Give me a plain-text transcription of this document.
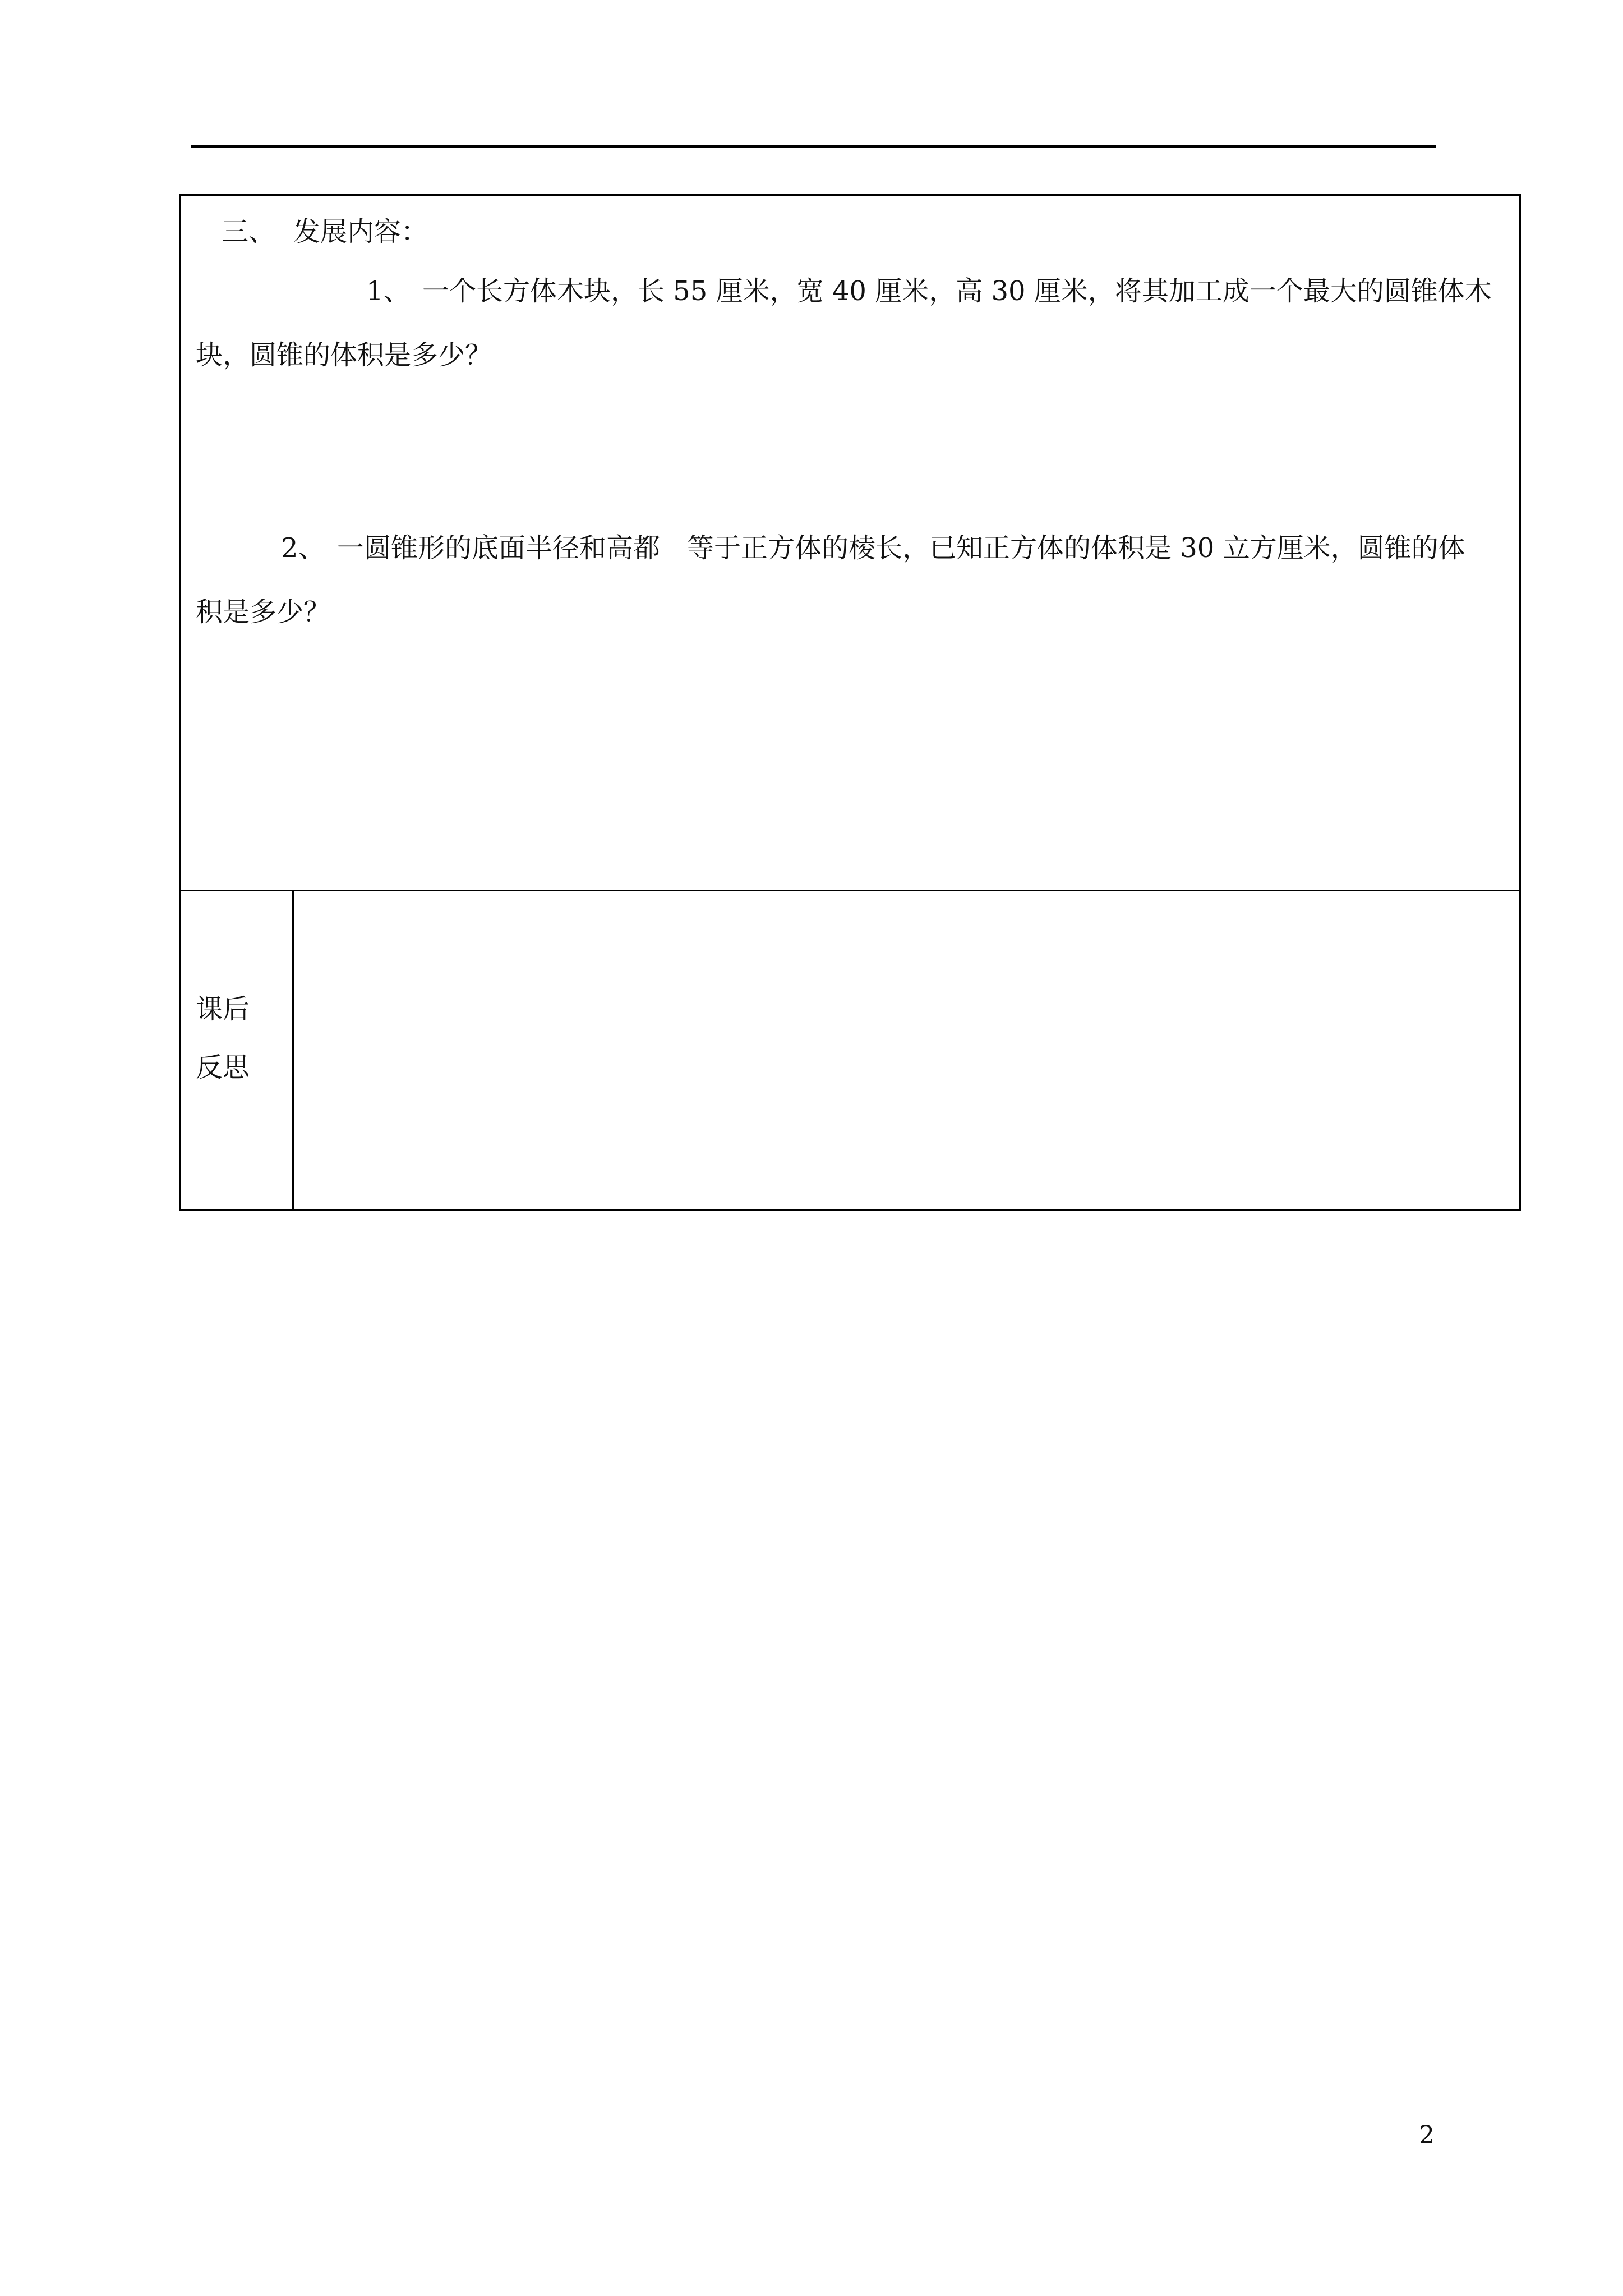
三、 发展内容：
1、 一个长方体木块，长 55 厘米，宽 40 厘米，高 30 厘米，将其加工成一个最大的圆锥体木
块，圆锥的体积是多少？
2、 一圆锥形的底面半径和高都　等于正方体的棱长，已知正方体的体积是 30 立方厘米，圆锥的体
积是多少？
课后
反思
2
